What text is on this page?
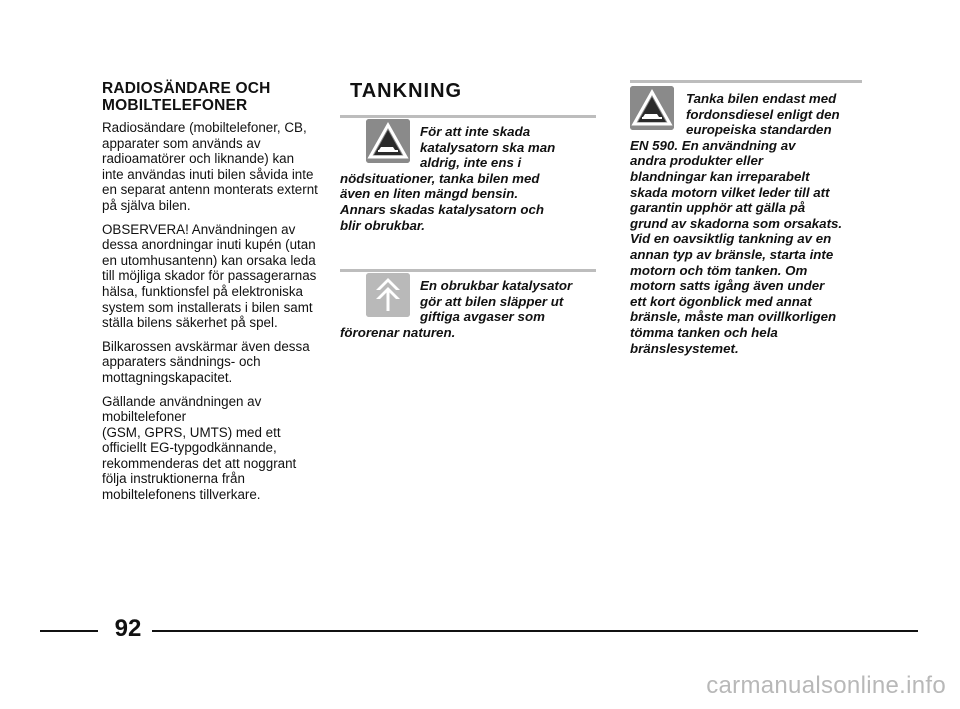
RADIOSÄNDARE OCH
MOBILTELEFONER

Radiosändare (mobiltelefoner, CB,
apparater som används av
radioamatörer och liknande) kan
inte användas inuti bilen såvida inte
en separat antenn monterats externt
på själva bilen.

OBSERVERA! Användningen av
dessa anordningar inuti kupén (utan
en utomhusantenn) kan orsaka leda
till möjliga skador för passagerarnas
hälsa, funktionsfel på elektroniska
system som installerats i bilen samt
ställa bilens säkerhet på spel.

Bilkarossen avskärmar även dessa
apparaters sändnings- och
mottagningskapacitet.

Gällande användningen av
mobiltelefoner
(GSM, GPRS, UMTS) med ett
officiellt EG-typgodkännande,
rekommenderas det att noggrant
följa instruktionerna från
mobiltelefonens tillverkare.

TANKNING
För att inte skada
katalysatorn ska man
aldrig, inte ens i
nödsituationer, tanka bilen med
även en liten mängd bensin.
Annars skadas katalysatorn och
blir obrukbar.
En obrukbar katalysator
gör att bilen släpper ut
giftiga avgaser som
förorenar naturen.
Tanka bilen endast med
fordonsdiesel enligt den
europeiska standarden
EN 590. En användning av
andra produkter eller
blandningar kan irreparabelt
skada motorn vilket leder till att
garantin upphör att gälla på
grund av skadorna som orsakats.
Vid en oavsiktlig tankning av en
annan typ av bränsle, starta inte
motorn och töm tanken. Om
motorn satts igång även under
ett kort ögonblick med annat
bränsle, måste man ovillkorligen
tömma tanken och hela
bränslesystemet.
92
carmanualsonline.info
